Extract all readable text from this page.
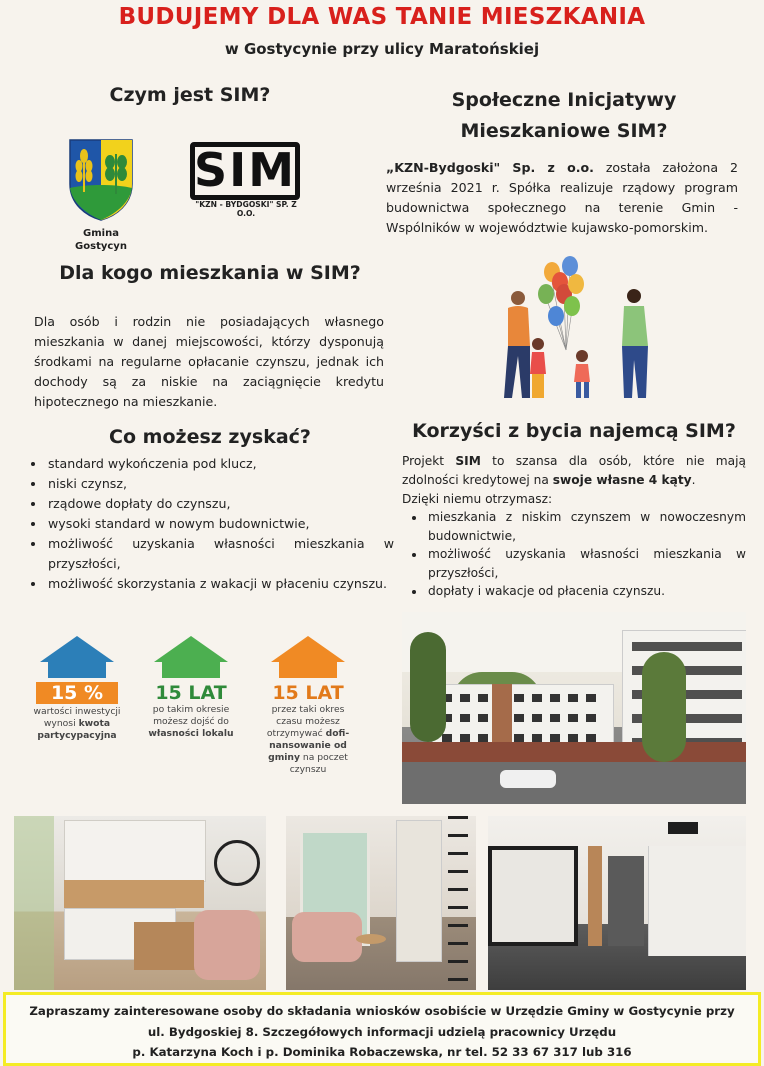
BUDUJEMY DLA WAS TANIE MIESZKANIA
w Gostycynie przy ulicy Maratońskiej
Czym jest SIM?
Gmina
Gostycyn
SIM
"KZN - BYDGOSKI" SP. Z O.O.
Społeczne Inicjatywy
Mieszkaniowe SIM?
„KZN-Bydgoski" Sp. z o.o. została założona 2 września 2021 r. Spółka realizuje rządowy program budownictwa społecznego na terenie Gmin - Wspólników w województwie kujawsko-pomorskim.
Dla kogo mieszkania w SIM?
Dla osób i rodzin nie posiadających własnego mieszkania w danej miejscowości, którzy dysponują środkami na regularne opłacanie czynszu, jednak ich dochody są za niskie na zaciągnięcie kredytu hipotecznego na mieszkanie.
Co możesz zyskać?
• standard wykończenia pod klucz,
• niski czynsz,
• rządowe dopłaty do czynszu,
• wysoki standard w nowym budownictwie,
• możliwość uzyskania własności mieszkania w przyszłości,
• możliwość skorzystania z wakacji w płaceniu czynszu.
Korzyści z bycia najemcą SIM?
Projekt SIM to szansa dla osób, które nie mają zdolności kredytowej na swoje własne 4 kąty.
Dzięki niemu otrzymasz:
• mieszkania z niskim czynszem w nowoczesnym budownictwie,
• możliwość uzyskania własności mieszkania w przyszłości,
• dopłaty i wakacje od płacenia czynszu.
15 %
wartości inwestycji
wynosi kwota partycypacyjna
15 LAT
po takim okresie
możesz dojść do własności lokalu
15 LAT
przez taki okres czasu możesz otrzymywać dofi-nansowanie od gminy na poczet czynszu
Zapraszamy zainteresowane osoby do składania wniosków osobiście w Urzędzie Gminy w Gostycynie przy
ul. Bydgoskiej 8. Szczegółowych informacji udzielą pracownicy Urzędu
p. Katarzyna Koch i p. Dominika Robaczewska, nr tel. 52 33 67 317 lub 316
